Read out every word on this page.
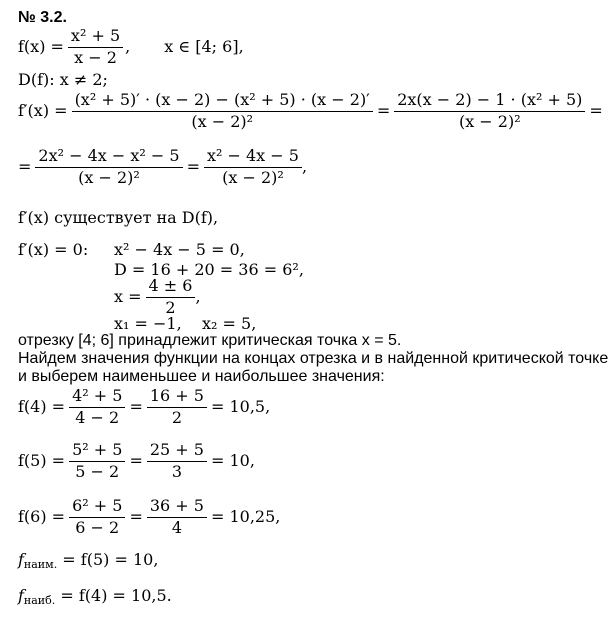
№ 3.2.
$f(x) = \frac{\text{x² + 5}}{x - 2}$ , x ∈ [4; 6],
D(f): x ≠ 2;
$f'(x) = \frac{\text{(x² + 5)′ · (x − 2) − (x² + 5) · (x − 2)′}}{\text{(x − 2)²}} = \frac{\text{2x(x − 2) − 1 · (x² + 5)}}{\text{(x − 2)²}}$ =
= $\frac{\text{2x² − 4x − x² − 5}}{\text{(x − 2)²}} = \frac{\text{x² − 4x − 5}}{\text{(x − 2)²}}$ ,
f′(x) существует на D(f),
f′(x) = 0: x² − 4x − 5 = 0,
D = 16 + 20 = 36 = 6²,
$x = \frac{4 \pm 6}{2}$ ,
x₁ = −1, x₂ = 5,
отрезку [4; 6] принадлежит критическая точка x = 5.
Найдем значения функции на концах отрезка и в найденной критической точке
и выберем наименьшее и наибольшее значения:
$f(4) = \frac{\text{4² + 5}}{4 - 2} = \frac{16 + 5}{2} = 10,5$,
$f(5) = \frac{\text{5² + 5}}{5 - 2} = \frac{25 + 5}{3} = 10$,
$f(6) = \frac{\text{6² + 5}}{6 - 2} = \frac{36 + 5}{4} = 10,25$,
$f_{наим.} = f(5) = 10$,
$f_{наиб.} = f(4) = 10,5$.
